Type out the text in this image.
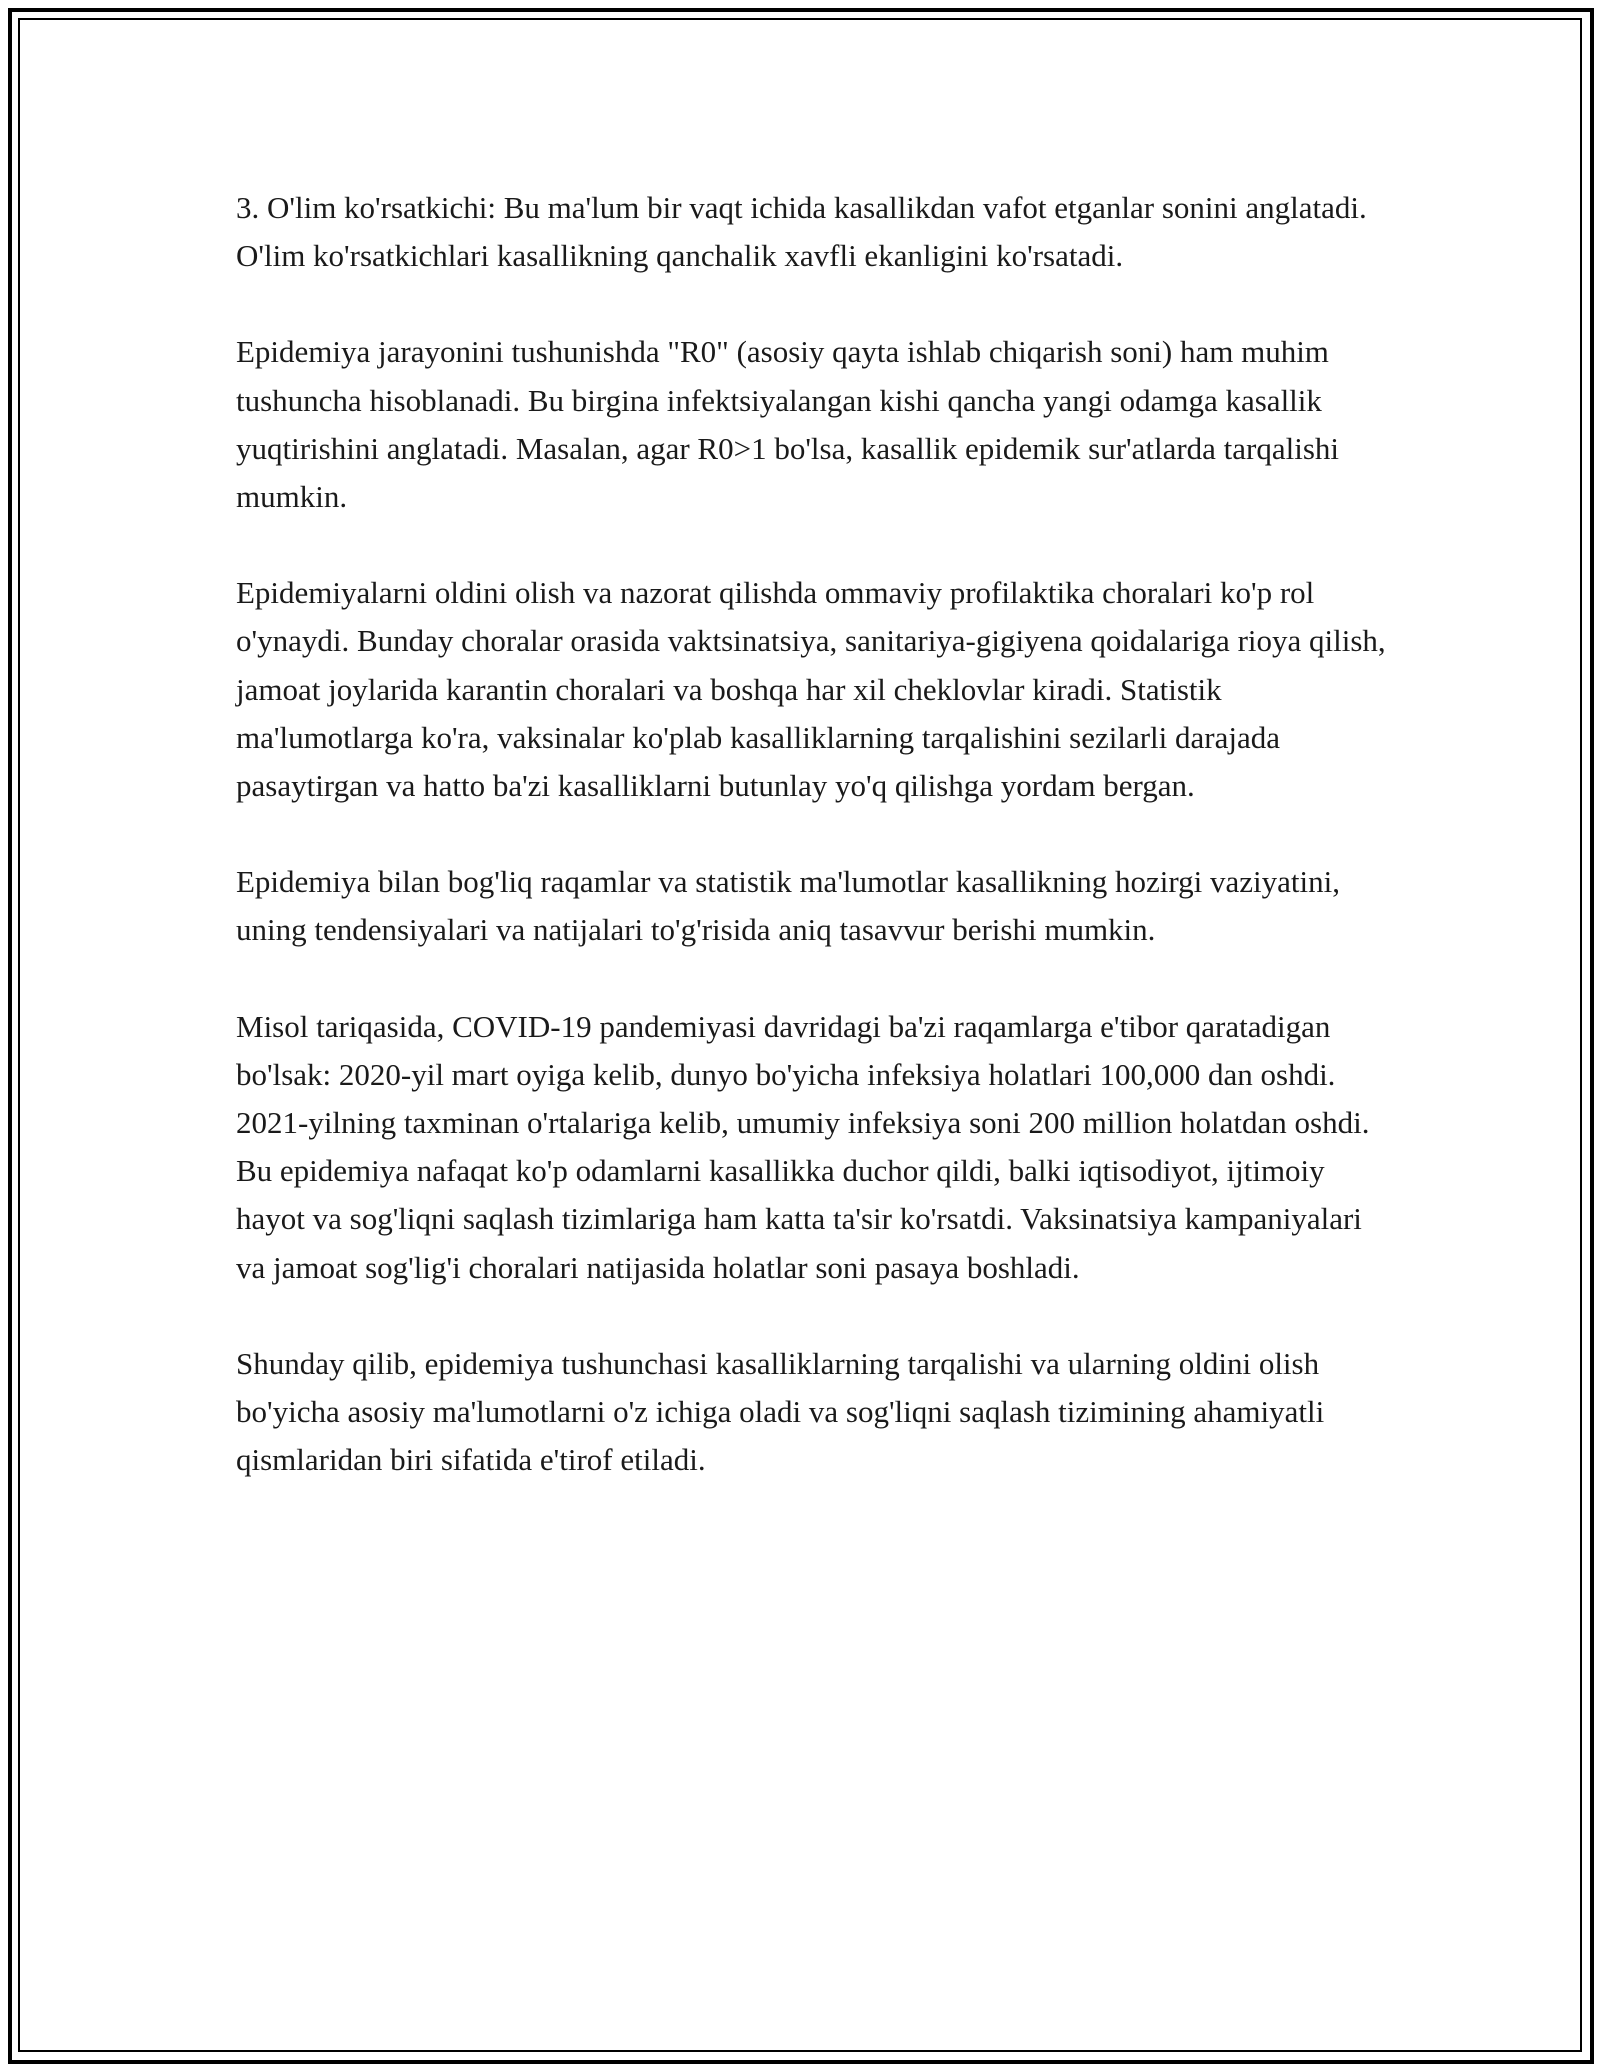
3. O'lim ko'rsatkichi: Bu ma'lum bir vaqt ichida kasallikdan vafot etganlar sonini anglatadi. O'lim ko'rsatkichlari kasallikning qanchalik xavfli ekanligini ko'rsatadi.

Epidemiya jarayonini tushunishda "R0" (asosiy qayta ishlab chiqarish soni) ham muhim tushuncha hisoblanadi. Bu birgina infektsiyalangan kishi qancha yangi odamga kasallik yuqtirishini anglatadi. Masalan, agar R0>1 bo'lsa, kasallik epidemik sur'atlarda tarqalishi mumkin.

Epidemiyalarni oldini olish va nazorat qilishda ommaviy profilaktika choralari ko'p rol o'ynaydi. Bunday choralar orasida vaktsinatsiya, sanitariya-gigiyena qoidalariga rioya qilish, jamoat joylarida karantin choralari va boshqa har xil cheklovlar kiradi. Statistik ma'lumotlarga ko'ra, vaksinalar ko'plab kasalliklarning tarqalishini sezilarli darajada pasaytirgan va hatto ba'zi kasalliklarni butunlay yo'q qilishga yordam bergan.

Epidemiya bilan bog'liq raqamlar va statistik ma'lumotlar kasallikning hozirgi vaziyatini, uning tendensiyalari va natijalari to'g'risida aniq tasavvur berishi mumkin.

Misol tariqasida, COVID-19 pandemiyasi davridagi ba'zi raqamlarga e'tibor qaratadigan bo'lsak: 2020-yil mart oyiga kelib, dunyo bo'yicha infeksiya holatlari 100,000 dan oshdi. 2021-yilning taxminan o'rtalariga kelib, umumiy infeksiya soni 200 million holatdan oshdi. Bu epidemiya nafaqat ko'p odamlarni kasallikka duchor qildi, balki iqtisodiyot, ijtimoiy hayot va sog'liqni saqlash tizimlariga ham katta ta'sir ko'rsatdi. Vaksinatsiya kampaniyalari va jamoat sog'lig'i choralari natijasida holatlar soni pasaya boshladi.

Shunday qilib, epidemiya tushunchasi kasalliklarning tarqalishi va ularning oldini olish bo'yicha asosiy ma'lumotlarni o'z ichiga oladi va sog'liqni saqlash tizimining ahamiyatli qismlaridan biri sifatida e'tirof etiladi.
